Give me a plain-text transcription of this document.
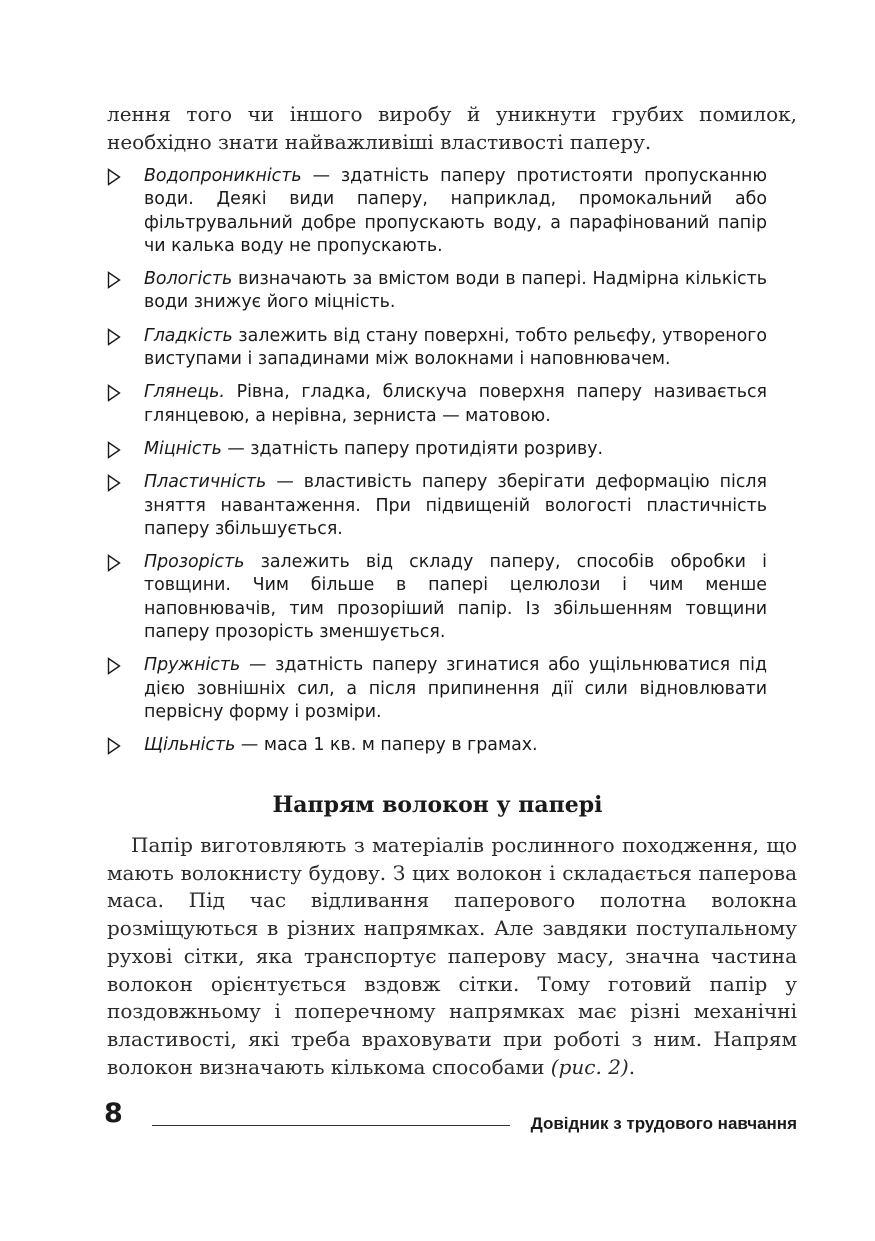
лення того чи іншого виробу й уникнути грубих помилок, необхідно знати найважливіші властивості паперу.

Водопроникність — здатність паперу протистояти пропусканню води. Деякі види паперу, наприклад, промокальний або фільтрувальний добре пропускають воду, а парафінований папір чи калька воду не пропускають.
Вологість визначають за вмістом води в папері. Надмірна кількість води знижує його міцність.
Гладкість залежить від стану поверхні, тобто рельєфу, утвореного виступами і западинами між волокнами і наповнювачем.
Глянець. Рівна, гладка, блискуча поверхня паперу називається глянцевою, а нерівна, зерниста — матовою.
Міцність — здатність паперу протидіяти розриву.
Пластичність — властивість паперу зберігати деформацію після зняття навантаження. При підвищеній вологості пластичність паперу збільшується.
Прозорість залежить від складу паперу, способів обробки і товщини. Чим більше в папері целюлози і чим менше наповнювачів, тим прозоріший папір. Із збільшенням товщини паперу прозорість зменшується.
Пружність — здатність паперу згинатися або ущільнюватися під дією зовнішніх сил, а після припинення дії сили відновлювати первісну форму і розміри.
Щільність — маса 1 кв. м паперу в грамах.
Напрям волокон у папері

Папір виготовляють з матеріалів рослинного походження, що мають волокнисту будову. З цих волокон і складається паперова маса. Під час відливання паперового полотна волокна розміщуються в різних напрямках. Але завдяки поступальному рухові сітки, яка транспортує паперову масу, значна частина волокон орієнтується вздовж сітки. Тому готовий папір у поздовжньому і поперечному напрямках має різні механічні властивості, які треба враховувати при роботі з ним. Напрям волокон визначають кількома способами (рис. 2).

8	Довідник з трудового навчання
